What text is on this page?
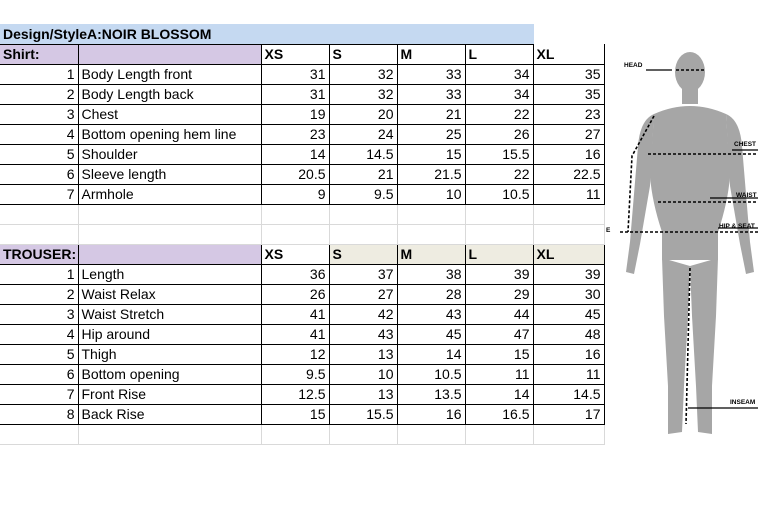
Design/StyleA:NOIR BLOSSOM						
Shirt:		XS	S	M	L	XL
1	Body Length front	31	32	33	34	35
2	Body Length back	31	32	33	34	35
3	Chest	19	20	21	22	23
4	Bottom opening hem line	23	24	25	26	27
5	Shoulder	14	14.5	15	15.5	16
6	Sleeve length	20.5	21	21.5	22	22.5
7	Armhole	9	9.5	10	10.5	11

TROUSER:		XS	S	M	L	XL
1	Length	36	37	38	39	39
2	Waist Relax	26	27	28	29	30
3	Waist Stretch	41	42	43	44	45
4	Hip around	41	43	45	47	48
5	Thigh	12	13	14	15	16
6	Bottom opening	9.5	10	10.5	11	11
7	Front Rise	12.5	13	13.5	14	14.5
8	Back Rise	15	15.5	16	16.5	17

HEAD
CHEST
WAIST
HIP & SEAT
INSEAM
E
